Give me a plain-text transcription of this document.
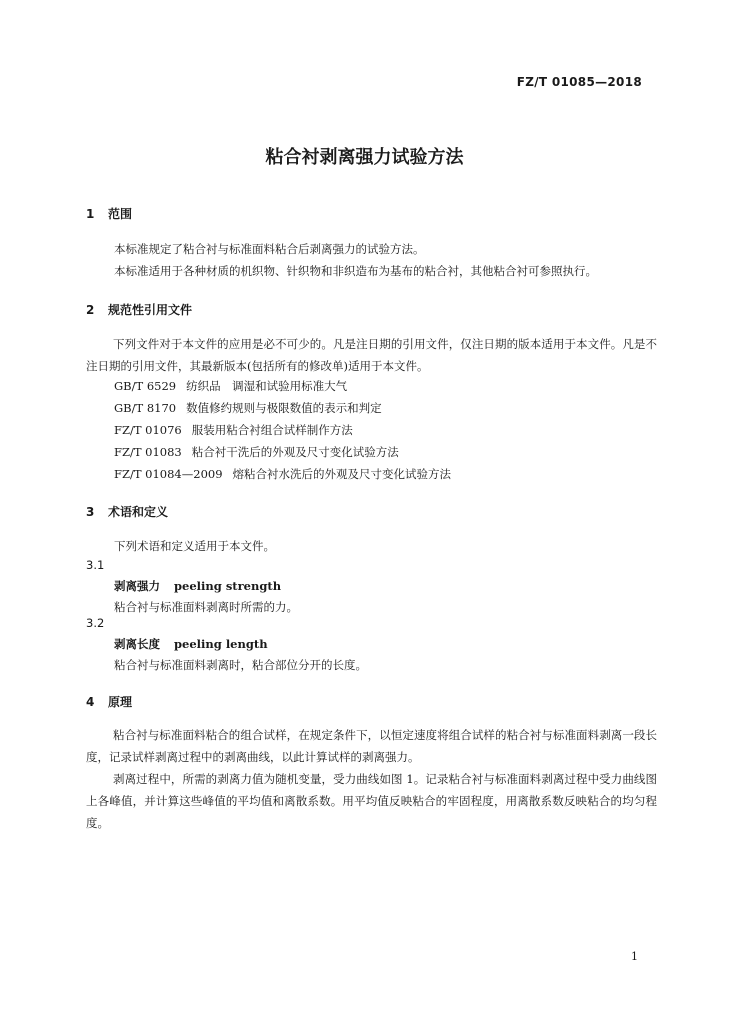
FZ/T 01085—2018
粘合衬剥离强力试验方法
1 范围
本标准规定了粘合衬与标准面料粘合后剥离强力的试验方法。
本标准适用于各种材质的机织物、针织物和非织造布为基布的粘合衬，其他粘合衬可参照执行。
2 规范性引用文件
下列文件对于本文件的应用是必不可少的。凡是注日期的引用文件，仅注日期的版本适用于本文件。凡是不注日期的引用文件，其最新版本(包括所有的修改单)适用于本文件。
GB/T 6529 纺织品　调湿和试验用标准大气
GB/T 8170 数值修约规则与极限数值的表示和判定
FZ/T 01076 服装用粘合衬组合试样制作方法
FZ/T 01083 粘合衬干洗后的外观及尺寸变化试验方法
FZ/T 01084—2009 熔粘合衬水洗后的外观及尺寸变化试验方法
3 术语和定义
下列术语和定义适用于本文件。
3.1
剥离强力 peeling strength
粘合衬与标准面料剥离时所需的力。
3.2
剥离长度 peeling length
粘合衬与标准面料剥离时，粘合部位分开的长度。
4 原理
粘合衬与标准面料粘合的组合试样，在规定条件下，以恒定速度将组合试样的粘合衬与标准面料剥离一段长度，记录试样剥离过程中的剥离曲线，以此计算试样的剥离强力。
剥离过程中，所需的剥离力值为随机变量，受力曲线如图 1。记录粘合衬与标准面料剥离过程中受力曲线图上各峰值，并计算这些峰值的平均值和离散系数。用平均值反映粘合的牢固程度，用离散系数反映粘合的均匀程度。
1
